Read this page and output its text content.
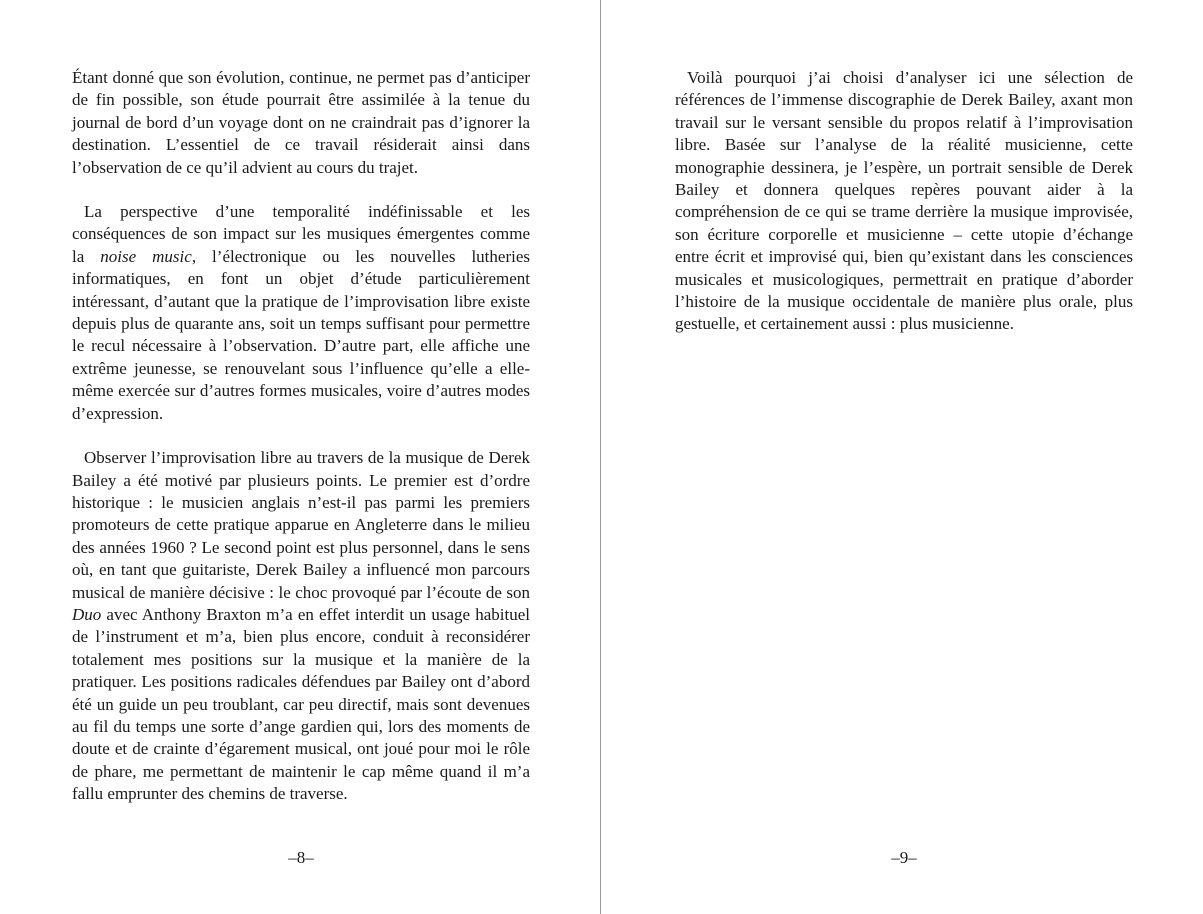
Étant donné que son évolution, continue, ne permet pas d’anticiper de fin possible, son étude pourrait être assimilée à la tenue du journal de bord d’un voyage dont on ne craindrait pas d’ignorer la destination. L’essentiel de ce travail résiderait ainsi dans l’observation de ce qu’il advient au cours du trajet.

La perspective d’une temporalité indéfinissable et les conséquences de son impact sur les musiques émergentes comme la noise music, l’électronique ou les nouvelles lutheries informatiques, en font un objet d’étude particulièrement intéressant, d’autant que la pratique de l’improvisation libre existe depuis plus de quarante ans, soit un temps suffisant pour permettre le recul nécessaire à l’observation. D’autre part, elle affiche une extrême jeunesse, se renouvelant sous l’influence qu’elle a elle-même exercée sur d’autres formes musicales, voire d’autres modes d’expression.

Observer l’improvisation libre au travers de la musique de Derek Bailey a été motivé par plusieurs points. Le premier est d’ordre historique : le musicien anglais n’est-il pas parmi les premiers promoteurs de cette pratique apparue en Angleterre dans le milieu des années 1960 ? Le second point est plus personnel, dans le sens où, en tant que guitariste, Derek Bailey a influencé mon parcours musical de manière décisive : le choc provoqué par l’écoute de son Duo avec Anthony Braxton m’a en effet interdit un usage habituel de l’instrument et m’a, bien plus encore, conduit à reconsidérer totalement mes positions sur la musique et la manière de la pratiquer. Les positions radicales défendues par Bailey ont d’abord été un guide un peu troublant, car peu directif, mais sont devenues au fil du temps une sorte d’ange gardien qui, lors des moments de doute et de crainte d’égarement musical, ont joué pour moi le rôle de phare, me permettant de maintenir le cap même quand il m’a fallu emprunter des chemins de traverse.

–8–

Voilà pourquoi j’ai choisi d’analyser ici une sélection de références de l’immense discographie de Derek Bailey, axant mon travail sur le versant sensible du propos relatif à l’improvisation libre. Basée sur l’analyse de la réalité musicienne, cette monographie dessinera, je l’espère, un portrait sensible de Derek Bailey et donnera quelques repères pouvant aider à la compréhension de ce qui se trame derrière la musique improvisée, son écriture corporelle et musicienne – cette utopie d’échange entre écrit et improvisé qui, bien qu’existant dans les consciences musicales et musicologiques, permettrait en pratique d’aborder l’histoire de la musique occidentale de manière plus orale, plus gestuelle, et certainement aussi : plus musicienne.

–9–
